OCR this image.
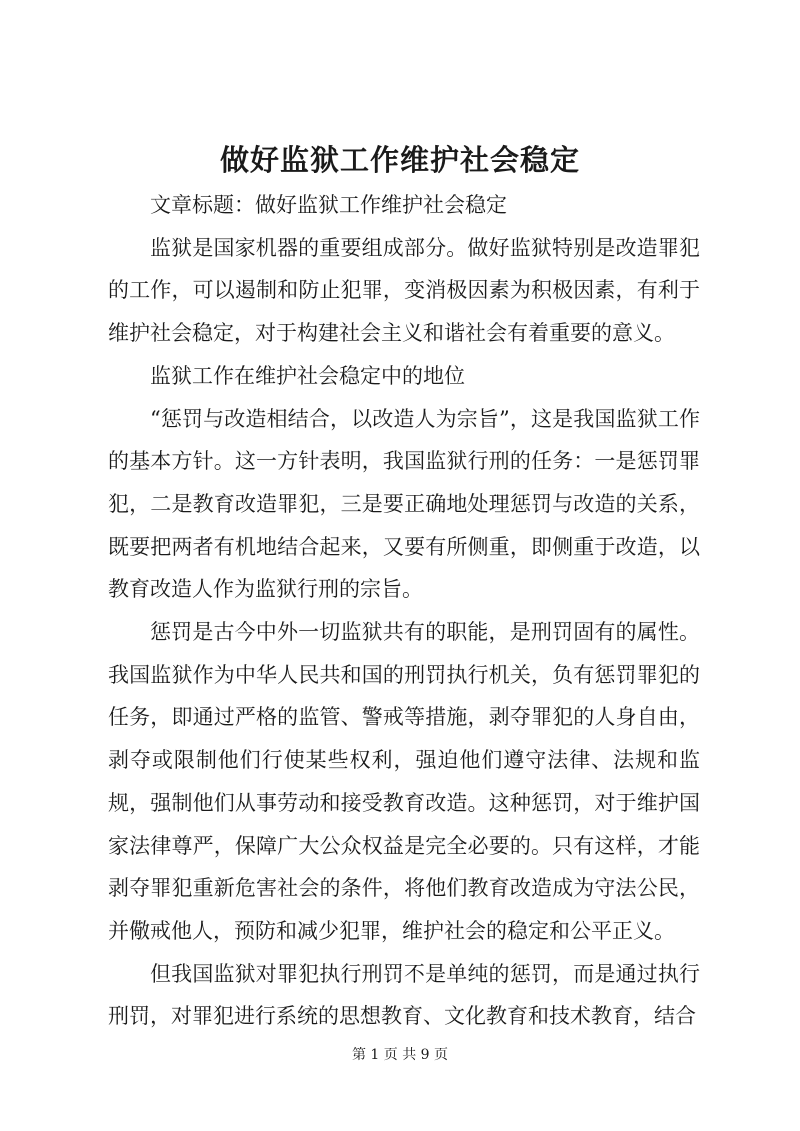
做好监狱工作维护社会稳定

文章标题：做好监狱工作维护社会稳定

监狱是国家机器的重要组成部分。做好监狱特别是改造罪犯的工作，可以遏制和防止犯罪，变消极因素为积极因素，有利于维护社会稳定，对于构建社会主义和谐社会有着重要的意义。

监狱工作在维护社会稳定中的地位

“惩罚与改造相结合，以改造人为宗旨”，这是我国监狱工作的基本方针。这一方针表明，我国监狱行刑的任务：一是惩罚罪犯，二是教育改造罪犯，三是要正确地处理惩罚与改造的关系，既要把两者有机地结合起来，又要有所侧重，即侧重于改造，以教育改造人作为监狱行刑的宗旨。

惩罚是古今中外一切监狱共有的职能，是刑罚固有的属性。我国监狱作为中华人民共和国的刑罚执行机关，负有惩罚罪犯的任务，即通过严格的监管、警戒等措施，剥夺罪犯的人身自由，剥夺或限制他们行使某些权利，强迫他们遵守法律、法规和监规，强制他们从事劳动和接受教育改造。这种惩罚，对于维护国家法律尊严，保障广大公众权益是完全必要的。只有这样，才能剥夺罪犯重新危害社会的条件，将他们教育改造成为守法公民，并儆戒他人，预防和减少犯罪，维护社会的稳定和公平正义。

但我国监狱对罪犯执行刑罚不是单纯的惩罚，而是通过执行刑罚，对罪犯进行系统的思想教育、文化教育和技术教育，结合

第 1 页 共 9 页
